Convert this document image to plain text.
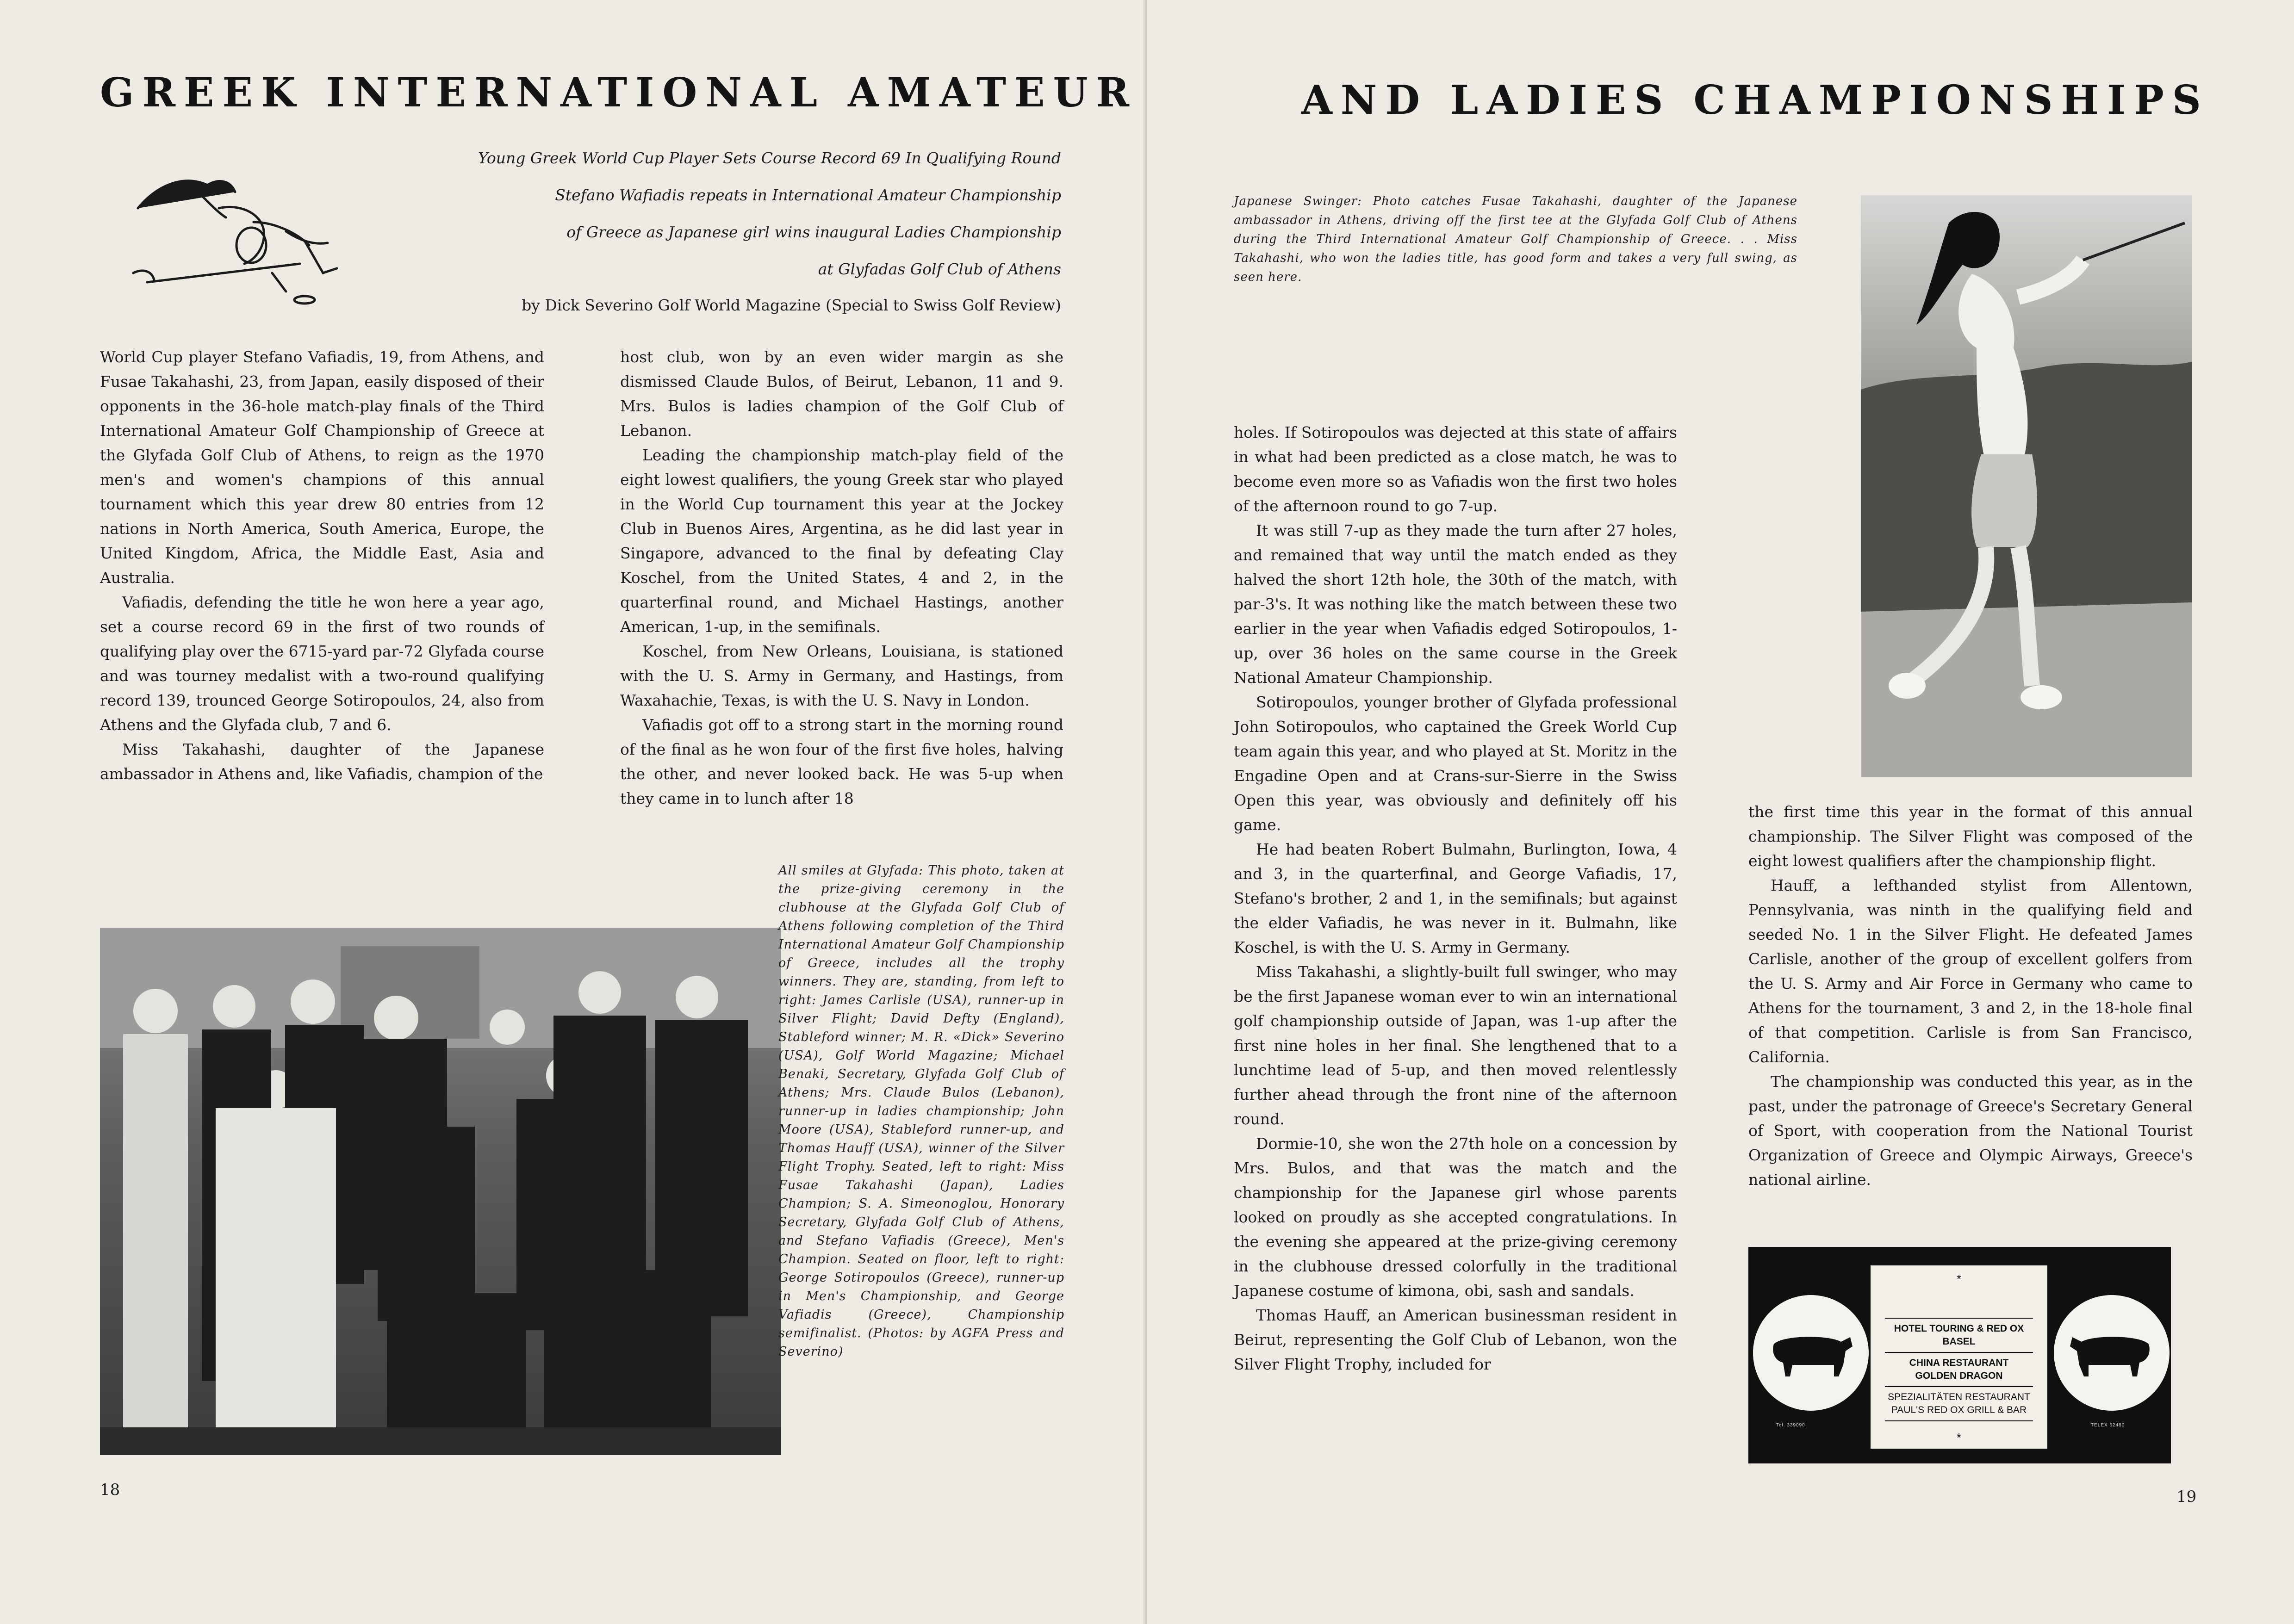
GREEK INTERNATIONAL AMATEUR
Young Greek World Cup Player Sets Course Record 69 In Qualifying Round
Stefano Wafiadis repeats in International Amateur Championship
of Greece as Japanese girl wins inaugural Ladies Championship
at Glyfadas Golf Club of Athens
by Dick Severino Golf World Magazine (Special to Swiss Golf Review)

World Cup player Stefano Vafiadis, 19, from Athens, and Fusae Takahashi, 23, from Japan, easily disposed of their opponents in the 36-hole match-play finals of the Third International Amateur Golf Championship of Greece at the Glyfada Golf Club of Athens, to reign as the 1970 men's and women's champions of this annual tournament which this year drew 80 entries from 12 nations in North America, South America, Europe, the United Kingdom, Africa, the Middle East, Asia and Australia.

Vafiadis, defending the title he won here a year ago, set a course record 69 in the first of two rounds of qualifying play over the 6715-yard par-72 Glyfada course and was tourney medalist with a two-round qualifying record 139, trounced George Sotiropoulos, 24, also from Athens and the Glyfada club, 7 and 6.

Miss Takahashi, daughter of the Japanese ambassador in Athens and, like Vafiadis, champion of the

host club, won by an even wider margin as she dismissed Claude Bulos, of Beirut, Lebanon, 11 and 9. Mrs. Bulos is ladies champion of the Golf Club of Lebanon.

Leading the championship match-play field of the eight lowest qualifiers, the young Greek star who played in the World Cup tournament this year at the Jockey Club in Buenos Aires, Argentina, as he did last year in Singapore, advanced to the final by defeating Clay Koschel, from the United States, 4 and 2, in the quarterfinal round, and Michael Hastings, another American, 1-up, in the semifinals.

Koschel, from New Orleans, Louisiana, is stationed with the U. S. Army in Germany, and Hastings, from Waxahachie, Texas, is with the U. S. Navy in London.

Vafiadis got off to a strong start in the morning round of the final as he won four of the first five holes, halving the other, and never looked back. He was 5-up when they came in to lunch after 18

All smiles at Glyfada: This photo, taken at the prize-giving ceremony in the clubhouse at the Glyfada Golf Club of Athens following completion of the Third International Amateur Golf Championship of Greece, includes all the trophy winners. They are, standing, from left to right: James Carlisle (USA), runner-up in Silver Flight; David Defty (England), Stableford winner; M. R. «Dick» Severino (USA), Golf World Magazine; Michael Benaki, Secretary, Glyfada Golf Club of Athens; Mrs. Claude Bulos (Lebanon), runner-up in ladies championship; John Moore (USA), Stableford runner-up, and Thomas Hauff (USA), winner of the Silver Flight Trophy. Seated, left to right: Miss Fusae Takahashi (Japan), Ladies Champion; S. A. Simeonoglou, Honorary Secretary, Glyfada Golf Club of Athens, and Stefano Vafiadis (Greece), Men's Champion. Seated on floor, left to right: George Sotiropoulos (Greece), runner-up in Men's Championship, and George Vafiadis (Greece), Championship semifinalist. (Photos: by AGFA Press and Severino)
18
AND LADIES CHAMPIONSHIPS
Japanese Swinger: Photo catches Fusae Takahashi, daughter of the Japanese ambassador in Athens, driving off the first tee at the Glyfada Golf Club of Athens during the Third International Amateur Golf Championship of Greece. . . Miss Takahashi, who won the ladies title, has good form and takes a very full swing, as seen here.

holes. If Sotiropoulos was dejected at this state of affairs in what had been predicted as a close match, he was to become even more so as Vafiadis won the first two holes of the afternoon round to go 7-up.

It was still 7-up as they made the turn after 27 holes, and remained that way until the match ended as they halved the short 12th hole, the 30th of the match, with par-3's. It was nothing like the match between these two earlier in the year when Vafiadis edged Sotiropoulos, 1-up, over 36 holes on the same course in the Greek National Amateur Championship.

Sotiropoulos, younger brother of Glyfada professional John Sotiropoulos, who captained the Greek World Cup team again this year, and who played at St. Moritz in the Engadine Open and at Crans-sur-Sierre in the Swiss Open this year, was obviously and definitely off his game.

He had beaten Robert Bulmahn, Burlington, Iowa, 4 and 3, in the quarterfinal, and George Vafiadis, 17, Stefano's brother, 2 and 1, in the semifinals; but against the elder Vafiadis, he was never in it. Bulmahn, like Koschel, is with the U. S. Army in Germany.

Miss Takahashi, a slightly-built full swinger, who may be the first Japanese woman ever to win an international golf championship outside of Japan, was 1-up after the first nine holes in her final. She lengthened that to a lunchtime lead of 5-up, and then moved relentlessly further ahead through the front nine of the afternoon round.

Dormie-10, she won the 27th hole on a concession by Mrs. Bulos, and that was the match and the championship for the Japanese girl whose parents looked on proudly as she accepted congratulations. In the evening she appeared at the prize-giving ceremony in the clubhouse dressed colorfully in the traditional Japanese costume of kimona, obi, sash and sandals.

Thomas Hauff, an American businessman resident in Beirut, representing the Golf Club of Lebanon, won the Silver Flight Trophy, included for

the first time this year in the format of this annual championship. The Silver Flight was composed of the eight lowest qualifiers after the championship flight.

Hauff, a lefthanded stylist from Allentown, Pennsylvania, was ninth in the qualifying field and seeded No. 1 in the Silver Flight. He defeated James Carlisle, another of the group of excellent golfers from the U. S. Army and Air Force in Germany who came to Athens for the tournament, 3 and 2, in the 18-hole final of that competition. Carlisle is from San Francisco, California.

The championship was conducted this year, as in the past, under the patronage of Greece's Secretary General of Sport, with cooperation from the National Tourist Organization of Greece and Olympic Airways, Greece's national airline.

19
Tel. 339090	TELEX 62480
*
HOTEL TOURING & RED OX
BASEL
CHINA RESTAURANT
GOLDEN DRAGON
SPEZIALITÄTEN RESTAURANT
PAUL'S RED OX GRILL & BAR
*
